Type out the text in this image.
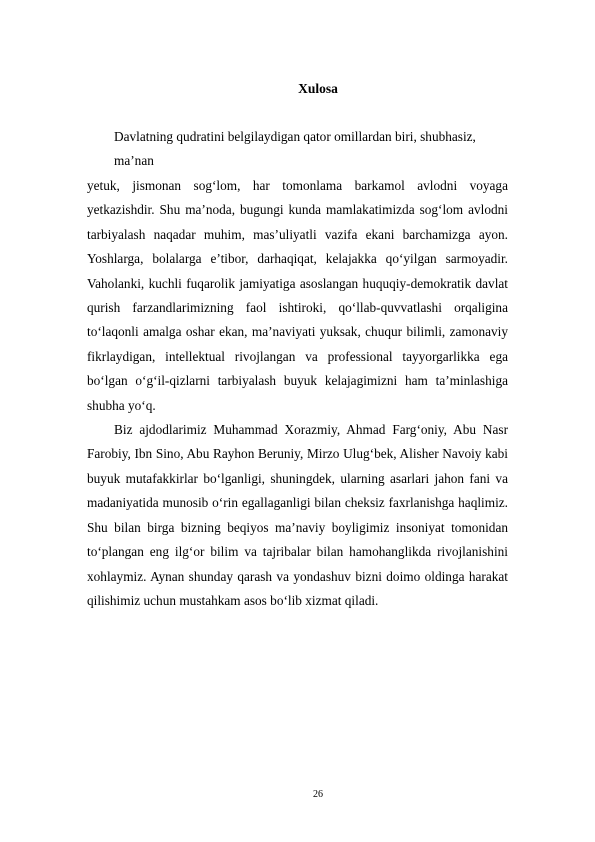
Xulosa
Davlatning qudratini belgilaydigan qator omillardan biri, shubhasiz,
ma’nan

yetuk, jismonan sog‘lom, har tomonlama barkamol avlodni voyaga yetkazishdir. Shu ma’noda, bugungi kunda mamlakatimizda sog‘lom avlodni tarbiyalash naqadar muhim, mas’uliyatli vazifa ekani barchamizga ayon. Yoshlarga, bolalarga e’tibor, darhaqiqat, kelajakka qo‘yilgan sarmoyadir. Vaholanki, kuchli fuqarolik jamiyatiga asoslangan huquqiy-demokratik davlat qurish farzandlarimizning faol ishtiroki, qo‘llab-quvvatlashi orqaligina to‘laqonli amalga oshar ekan, ma’naviyati yuksak, chuqur bilimli, zamonaviy fikrlaydigan, intellektual rivojlangan va professional tayyorgarlikka ega bo‘lgan o‘g‘il-qizlarni tarbiyalash buyuk kelajagimizni ham ta’minlashiga shubha yo‘q.

Biz ajdodlarimiz Muhammad Xorazmiy, Ahmad Farg‘oniy, Abu Nasr Farobiy, Ibn Sino, Abu Rayhon Beruniy, Mirzo Ulug‘bek, Alisher Navoiy kabi buyuk mutafakkirlar bo‘lganligi, shuningdek, ularning asarlari jahon fani va madaniyatida munosib o‘rin egallaganligi bilan cheksiz faxrlanishga haqlimiz. Shu bilan birga bizning beqiyos ma’naviy boyligimiz insoniyat tomonidan to‘plangan eng ilg‘or bilim va tajribalar bilan hamohanglikda rivojlanishini xohlaymiz. Aynan shunday qarash va yondashuv bizni doimo oldinga harakat qilishimiz uchun mustahkam asos bo‘lib xizmat qiladi.

26
